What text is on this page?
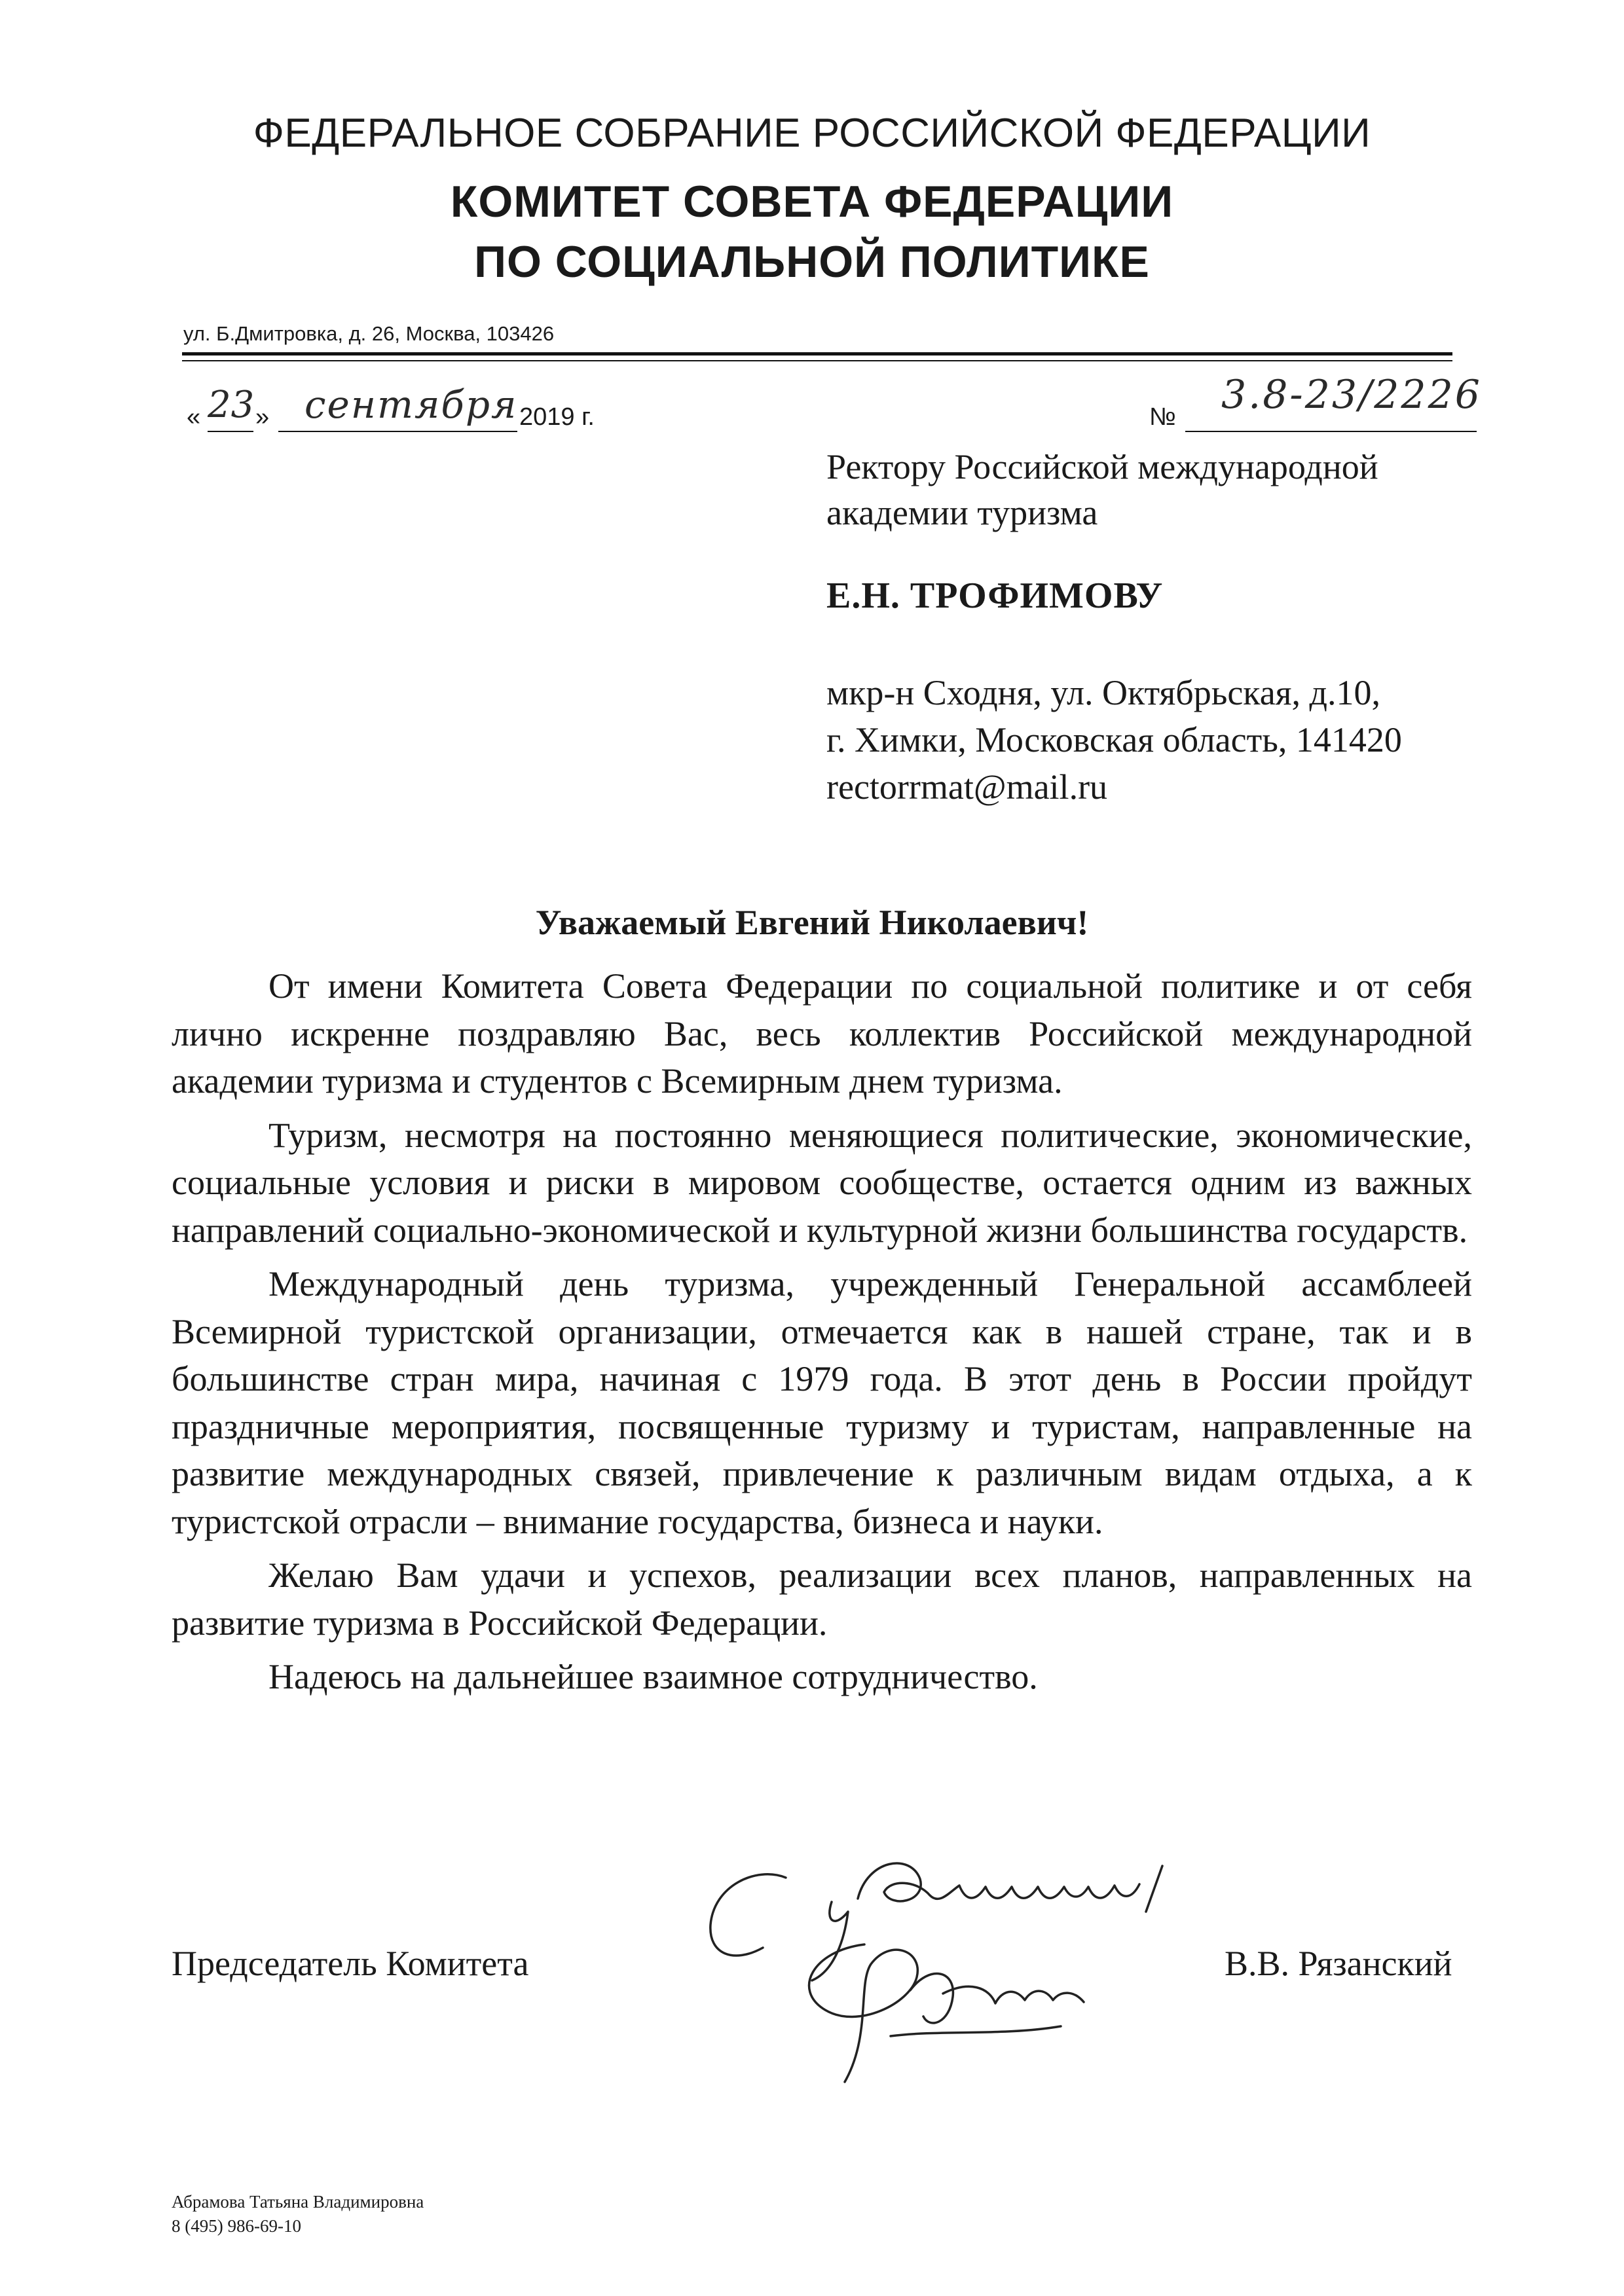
ФЕДЕРАЛЬНОЕ СОБРАНИЕ РОССИЙСКОЙ ФЕДЕРАЦИИ
КОМИТЕТ СОВЕТА ФЕДЕРАЦИИ
ПО СОЦИАЛЬНОЙ ПОЛИТИКЕ
ул. Б.Дмитровка, д. 26, Москва, 103426
« 23 » сентября 2019 г.	№ 3.8-23/2226
Ректору Российской международной
академии туризма
Е.Н. ТРОФИМОВУ
мкр-н Сходня, ул. Октябрьская, д.10,
г. Химки, Московская область, 141420
rectorrmat@mail.ru
Уважаемый Евгений Николаевич!

От имени Комитета Совета Федерации по социальной политике и от себя лично искренне поздравляю Вас, весь коллектив Российской международной академии туризма и студентов с Всемирным днем туризма.

Туризм, несмотря на постоянно меняющиеся политические, экономические, социальные условия и риски в мировом сообществе, остается одним из важных направлений социально-экономической и культурной жизни большинства государств.

Международный день туризма, учрежденный Генеральной ассамблеей Всемирной туристской организации, отмечается как в нашей стране, так и в большинстве стран мира, начиная с 1979 года. В этот день в России пройдут праздничные мероприятия, посвященные туризму и туристам, направленные на развитие международных связей, привлечение к различным видам отдыха, а к туристской отрасли – внимание государства, бизнеса и науки.

Желаю Вам удачи и успехов, реализации всех планов, направленных на развитие туризма в Российской Федерации.

Надеюсь на дальнейшее взаимное сотрудничество.

Председатель Комитета	В.В. Рязанский
Абрамова Татьяна Владимировна
8 (495) 986-69-10
